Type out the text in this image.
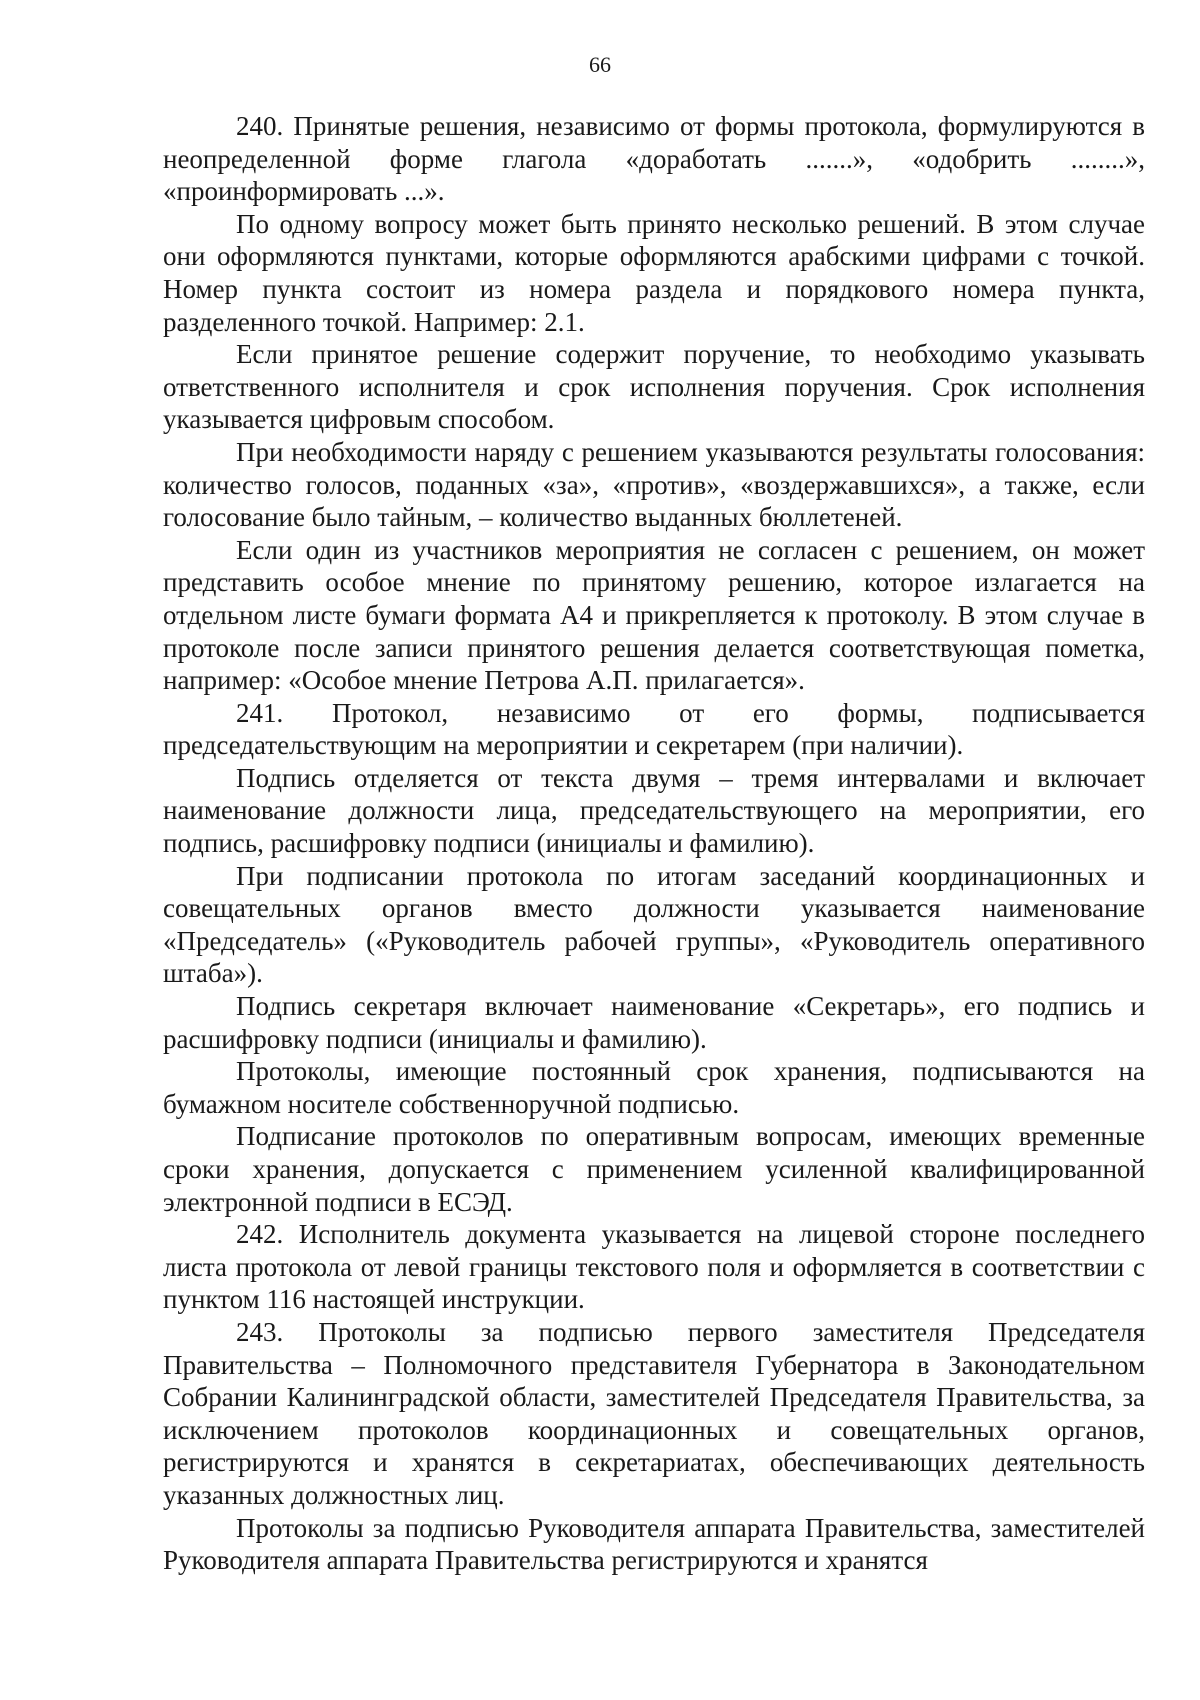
66

240. Принятые решения, независимо от формы протокола, формулируются в неопределенной форме глагола «доработать .......», «одобрить ........», «проинформировать ...».

По одному вопросу может быть принято несколько решений. В этом случае они оформляются пунктами, которые оформляются арабскими цифрами с точкой. Номер пункта состоит из номера раздела и порядкового номера пункта, разделенного точкой. Например: 2.1.

Если принятое решение содержит поручение, то необходимо указывать ответственного исполнителя и срок исполнения поручения. Срок исполнения указывается цифровым способом.

При необходимости наряду с решением указываются результаты голосования: количество голосов, поданных «за», «против», «воздержавшихся», а также, если голосование было тайным, – количество выданных бюллетеней.

Если один из участников мероприятия не согласен с решением, он может представить особое мнение по принятому решению, которое излагается на отдельном листе бумаги формата А4 и прикрепляется к протоколу. В этом случае в протоколе после записи принятого решения делается соответствующая пометка, например: «Особое мнение Петрова А.П. прилагается».

241. Протокол, независимо от его формы, подписывается председательствующим на мероприятии и секретарем (при наличии).

Подпись отделяется от текста двумя – тремя интервалами и включает наименование должности лица, председательствующего на мероприятии, его подпись, расшифровку подписи (инициалы и фамилию).

При подписании протокола по итогам заседаний координационных и совещательных органов вместо должности указывается наименование «Председатель» («Руководитель рабочей группы», «Руководитель оперативного штаба»).

Подпись секретаря включает наименование «Секретарь», его подпись и расшифровку подписи (инициалы и фамилию).

Протоколы, имеющие постоянный срок хранения, подписываются на бумажном носителе собственноручной подписью.

Подписание протоколов по оперативным вопросам, имеющих временные сроки хранения, допускается с применением усиленной квалифицированной электронной подписи в ЕСЭД.

242. Исполнитель документа указывается на лицевой стороне последнего листа протокола от левой границы текстового поля и оформляется в соответствии с пунктом 116 настоящей инструкции.

243. Протоколы за подписью первого заместителя Председателя Правительства – Полномочного представителя Губернатора в Законодательном Собрании Калининградской области, заместителей Председателя Правительства, за исключением протоколов координационных и совещательных органов, регистрируются и хранятся в секретариатах, обеспечивающих деятельность указанных должностных лиц.

Протоколы за подписью Руководителя аппарата Правительства, заместителей Руководителя аппарата Правительства регистрируются и хранятся
